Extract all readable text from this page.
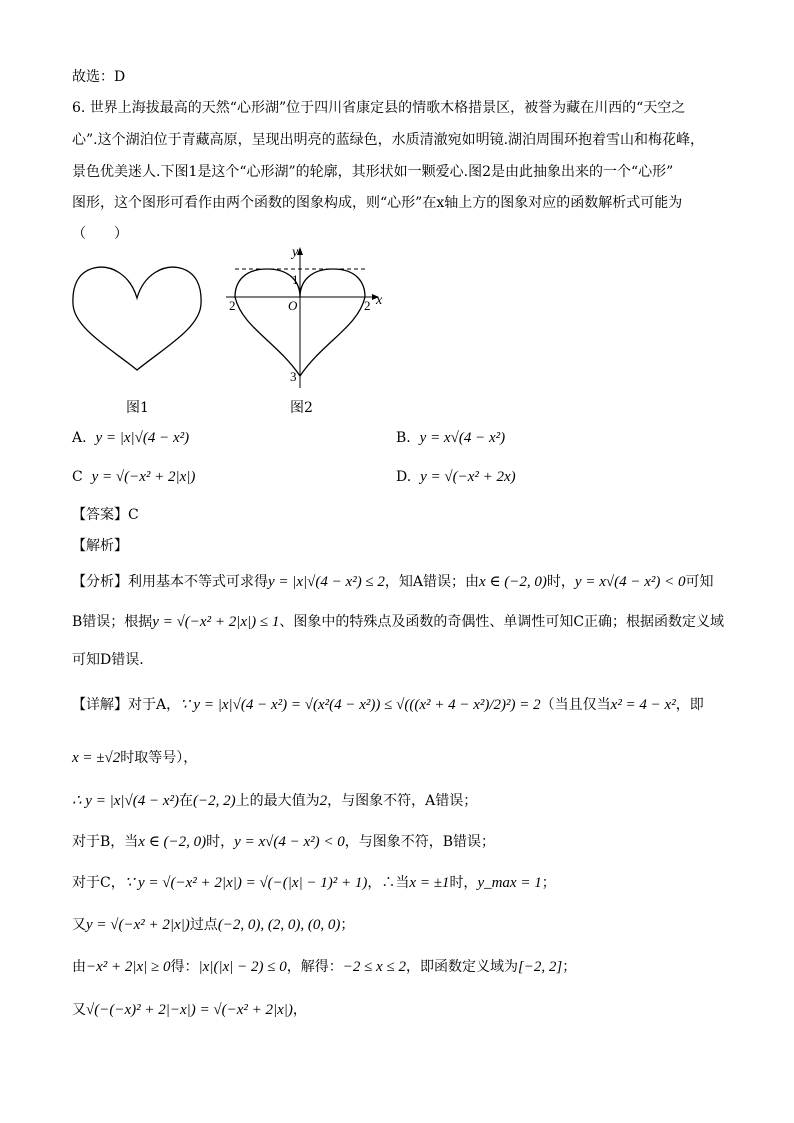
故选：D
6. 世界上海拔最高的天然“心形湖”位于四川省康定县的情歌木格措景区，被誉为藏在川西的“天空之
心”.这个湖泊位于青藏高原，呈现出明亮的蓝绿色，水质清澈宛如明镜.湖泊周围环抱着雪山和梅花峰，
景色优美迷人.下图1是这个“心形湖”的轮廓，其形状如一颗爱心.图2是由此抽象出来的一个“心形”
图形，这个图形可看作由两个函数的图象构成，则“心形”在x轴上方的图象对应的函数解析式可能为
（　　）
图1
y
x
1
O
2	2
3
图2
A. y = |x|√(4 − x²)	B. y = x√(4 − x²)
C y = √(−x² + 2|x|)	D. y = √(−x² + 2x)
【答案】C
【解析】
【分析】利用基本不等式可求得y = |x|√(4 − x²) ≤ 2，知A错误；由x ∈ (−2, 0)时，y = x√(4 − x²) < 0可知
B错误；根据y = √(−x² + 2|x|) ≤ 1、图象中的特殊点及函数的奇偶性、单调性可知C正确；根据函数定义域
可知D错误.
【详解】对于A，∵ y = |x|√(4 − x²) = √(x²(4 − x²)) ≤ √(((x² + 4 − x²)/2)²) = 2（当且仅当x² = 4 − x²，即
x = ±√2时取等号），
∴ y = |x|√(4 − x²)在(−2, 2)上的最大值为2，与图象不符，A错误；
对于B，当x ∈ (−2, 0)时，y = x√(4 − x²) < 0，与图象不符，B错误；
对于C，∵ y = √(−x² + 2|x|) = √(−(|x| − 1)² + 1)，∴当x = ±1时，y_max = 1；
又y = √(−x² + 2|x|)过点(−2, 0), (2, 0), (0, 0)；
由−x² + 2|x| ≥ 0得：|x|(|x| − 2) ≤ 0，解得：−2 ≤ x ≤ 2，即函数定义域为[−2, 2]；
又√(−(−x)² + 2|−x|) = √(−x² + 2|x|)，
